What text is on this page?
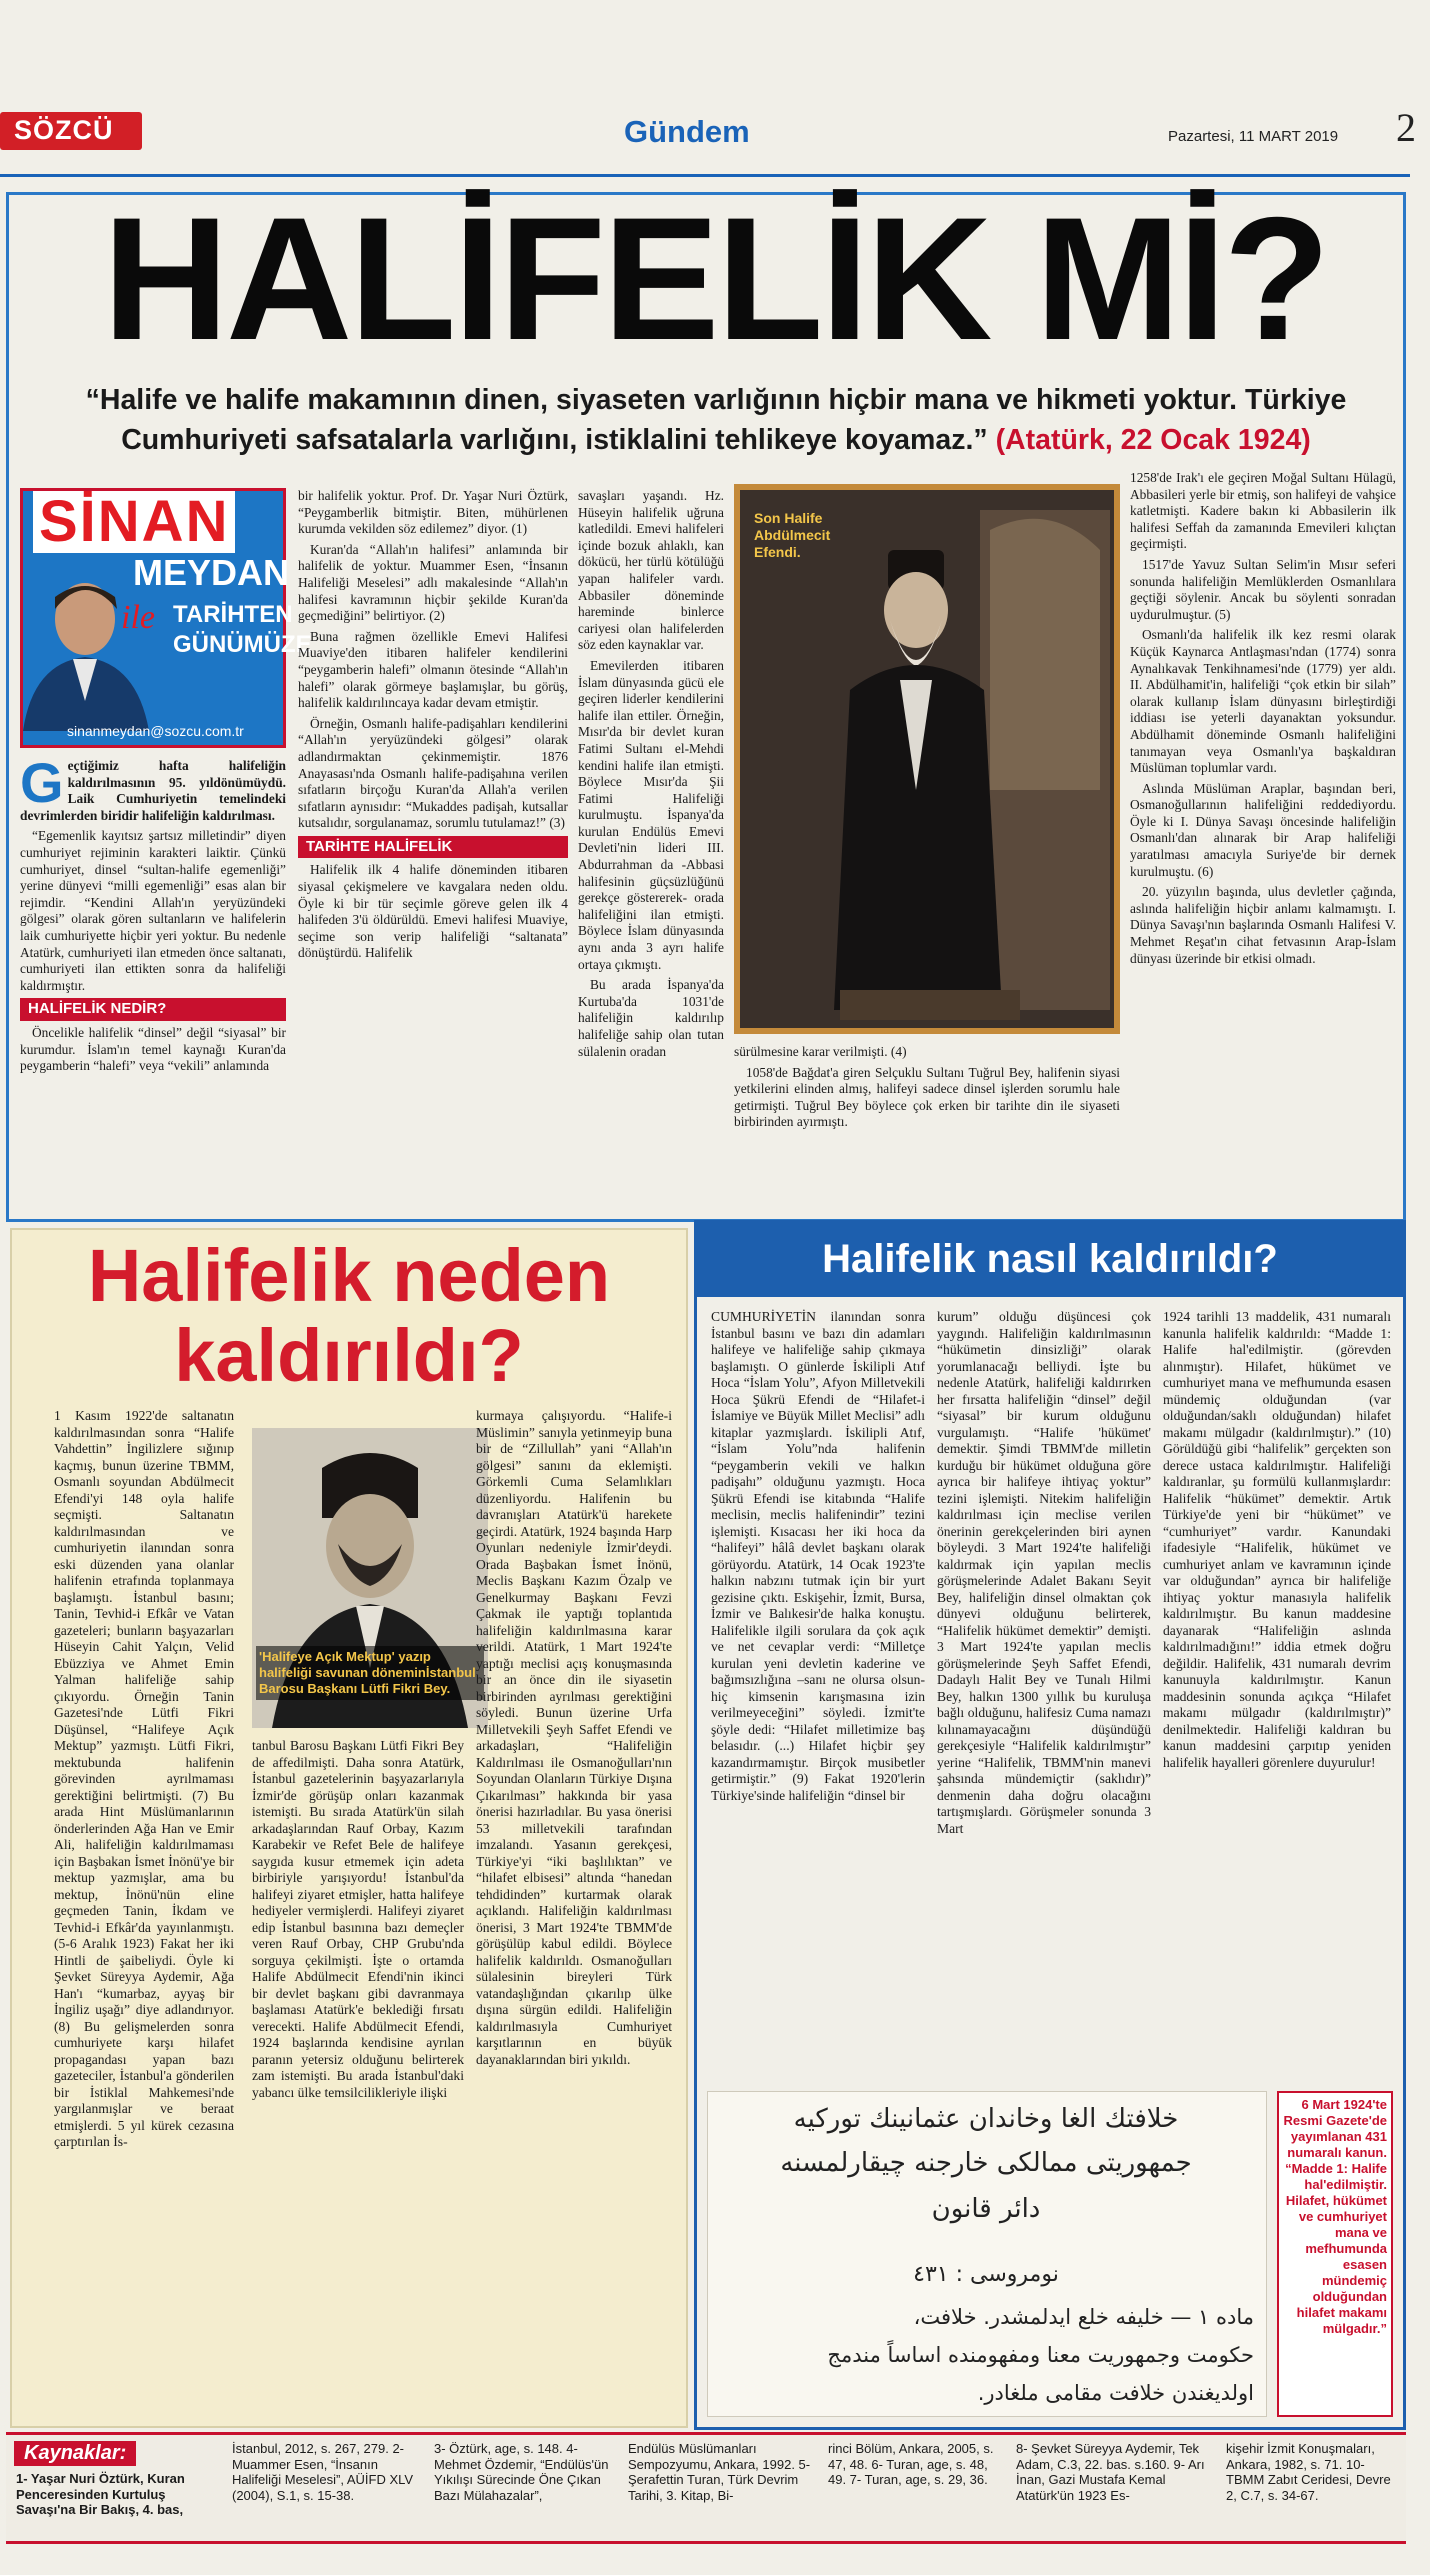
SÖZCÜ	Gündem	Pazartesi, 11 MART 2019 2
HALİFELİK Mİ?
“Halife ve halife makamının dinen, siyaseten varlığının hiçbir mana ve hikmeti yoktur. Türkiye Cumhuriyeti safsatalarla varlığını, istiklalini tehlikeye koyamaz.” (Atatürk, 22 Ocak 1924)
SİNAN
MEYDAN
ile TARİHTEN
GÜNÜMÜZE
sinanmeydan@sozcu.com.tr

Geçtiğimiz hafta halifeliğin kaldırılmasının 95. yıldönümüydü. Laik Cumhuriyetin temelindeki devrimlerden biridir halifeliğin kaldırılması.

“Egemenlik kayıtsız şartsız milletindir” diyen cumhuriyet rejiminin karakteri laiktir. Çünkü cumhuriyet, dinsel “sultan-halife egemenliği” yerine dünyevi “milli egemenliği” esas alan bir rejimdir. “Kendini Allah'ın yeryüzündeki gölgesi” olarak gören sultanların ve halifelerin laik cumhuriyette hiçbir yeri yoktur. Bu nedenle Atatürk, cumhuriyeti ilan etmeden önce saltanatı, cumhuriyeti ilan ettikten sonra da halifeliği kaldırmıştır.

HALİFELİK NEDİR?

Öncelikle halifelik “dinsel” değil “siyasal” bir kurumdur. İslam'ın temel kaynağı Kuran'da peygamberin “halefi” veya “vekili” anlamında

bir halifelik yoktur. Prof. Dr. Yaşar Nuri Öztürk, “Peygamberlik bitmiştir. Biten, mühürlenen kurumda vekilden söz edilemez” diyor. (1)

Kuran'da “Allah'ın halifesi” anlamında bir halifelik de yoktur. Muammer Esen, “İnsanın Halifeliği Meselesi” adlı makalesinde “Allah'ın halifesi kavramının hiçbir şekilde Kuran'da geçmediğini” belirtiyor. (2)

Buna rağmen özellikle Emevi Halifesi Muaviye'den itibaren halifeler kendilerini “peygamberin halefi” olmanın ötesinde “Allah'ın halefi” olarak görmeye başlamışlar, bu görüş, halifelik kaldırılıncaya kadar devam etmiştir.

Örneğin, Osmanlı halife-padişahları kendilerini “Allah'ın yeryüzündeki gölgesi” olarak adlandırmaktan çekinmemiştir. 1876 Anayasası'nda Osmanlı halife-padişahına verilen sıfatların birçoğu Kuran'da Allah'a verilen sıfatların aynısıdır: “Mukaddes padişah, kutsallar kutsalıdır, sorgulanamaz, sorumlu tutulamaz!” (3)

TARİHTE HALİFELİK

Halifelik ilk 4 halife döneminden itibaren siyasal çekişmelere ve kavgalara neden oldu. Öyle ki bir tür seçimle göreve gelen ilk 4 halifeden 3'ü öldürüldü. Emevi halifesi Muaviye, seçime son verip halifeliği “saltanata” dönüştürdü. Halifelik

savaşları yaşandı. Hz. Hüseyin halifelik uğruna katledildi. Emevi halifeleri içinde bozuk ahlaklı, kan dökücü, her türlü kötülüğü yapan halifeler vardı. Abbasiler döneminde hareminde binlerce cariyesi olan halifelerden söz eden kaynaklar var.

Emevilerden itibaren İslam dünyasında gücü ele geçiren liderler kendilerini halife ilan ettiler. Örneğin, Mısır'da bir devlet kuran Fatimi Sultanı el-Mehdi kendini halife ilan etmişti. Böylece Mısır'da Şii Fatimi Halifeliği kurulmuştu. İspanya'da kurulan Endülüs Emevi Devleti'nin lideri III. Abdurrahman da -Abbasi halifesinin güçsüzlüğünü gerekçe göstererek- orada halifeliğini ilan etmişti. Böylece İslam dünyasında aynı anda 3 ayrı halife ortaya çıkmıştı.

Bu arada İspanya'da Kurtuba'da 1031'de halifeliğin kaldırılıp halifeliğe sahip olan tutan sülalenin oradan

Son Halife Abdülmecit Efendi.

sürülmesine karar verilmişti. (4)

1058'de Bağdat'a giren Selçuklu Sultanı Tuğrul Bey, halifenin siyasi yetkilerini elinden almış, halifeyi sadece dinsel işlerden sorumlu hale getirmişti. Tuğrul Bey böylece çok erken bir tarihte din ile siyaseti birbirinden ayırmıştı.

1258'de Irak'ı ele geçiren Moğal Sultanı Hülagü, Abbasileri yerle bir etmiş, son halifeyi de vahşice katletmişti. Kadere bakın ki Abbasilerin ilk halifesi Seffah da zamanında Emevileri kılıçtan geçirmişti.

1517'de Yavuz Sultan Selim'in Mısır seferi sonunda halifeliğin Memlüklerden Osmanlılara geçtiği söylenir. Ancak bu söylenti sonradan uydurulmuştur. (5)

Osmanlı'da halifelik ilk kez resmi olarak Küçük Kaynarca Antlaşması'ndan (1774) sonra Aynalıkavak Tenkihnamesi'nde (1779) yer aldı. II. Abdülhamit'in, halifeliği “çok etkin bir silah” olarak kullanıp İslam dünyasını birleştirdiği iddiası ise yeterli dayanaktan yoksundur. Abdülhamit döneminde Osmanlı halifeliğini tanımayan veya Osmanlı'ya başkaldıran Müslüman toplumlar vardı.

Aslında Müslüman Araplar, başından beri, Osmanoğullarının halifeliğini reddediyordu. Öyle ki I. Dünya Savaşı öncesinde halifeliğin Osmanlı'dan alınarak bir Arap halifeliği yaratılması amacıyla Suriye'de bir dernek kurulmuştu. (6)

20. yüzyılın başında, ulus devletler çağında, aslında halifeliğin hiçbir anlamı kalmamıştı. I. Dünya Savaşı'nın başlarında Osmanlı Halifesi V. Mehmet Reşat'ın cihat fetvasının Arap-İslam dünyası üzerinde bir etkisi olmadı.

Halifelik neden
kaldırıldı?
1 Kasım 1922'de saltanatın kaldırılmasından sonra “Halife Vahdettin” İngilizlere sığınıp kaçmış, bunun üzerine TBMM, Osmanlı soyundan Abdülmecit Efendi'yi 148 oyla halife seçmişti. Saltanatın kaldırılmasından ve cumhuriyetin ilanından sonra eski düzenden yana olanlar halifenin etrafında toplanmaya başlamıştı. İstanbul basını; Tanin, Tevhid-i Efkâr ve Vatan gazeteleri; bunların başyazarları Hüseyin Cahit Yalçın, Velid Ebüzziya ve Ahmet Emin Yalman halifeliğe sahip çıkıyordu. Örneğin Tanin Gazetesi'nde Lütfi Fikri Düşünsel, “Halifeye Açık Mektup” yazmıştı. Lütfi Fikri, mektubunda halifenin görevinden ayrılmaması gerektiğini belirtmişti. (7) Bu arada Hint Müslümanlarının önderlerinden Ağa Han ve Emir Ali, halifeliğin kaldırılmaması için Başbakan İsmet İnönü'ye bir mektup yazmışlar, ama bu mektup, İnönü'nün eline geçmeden Tanin, İkdam ve Tevhid-i Efkâr'da yayınlanmıştı. (5-6 Aralık 1923) Fakat her iki Hintli de şaibeliydi. Öyle ki Şevket Süreyya Aydemir, Ağa Han'ı “kumarbaz, ayyaş bir İngiliz uşağı” diye adlandırıyor. (8) Bu gelişmelerden sonra cumhuriyete karşı hilafet propagandası yapan bazı gazeteciler, İstanbul'a gönderilen bir İstiklal Mahkemesi'nde yargılanmışlar ve beraat etmişlerdi. 5 yıl kürek cezasına çarptırılan İs-
'Halifeye Açık Mektup' yazıp halifeliği savunan döneminİstanbul Barosu Başkanı Lütfi Fikri Bey.
tanbul Barosu Başkanı Lütfi Fikri Bey de affedilmişti. Daha sonra Atatürk, İstanbul gazetelerinin başyazarlarıyla İzmir'de görüşüp onları kazanmak istemişti. Bu sırada Atatürk'ün silah arkadaşlarından Rauf Orbay, Kazım Karabekir ve Refet Bele de halifeye saygıda kusur etmemek için adeta birbiriyle yarışıyordu! İstanbul'da halifeyi ziyaret etmişler, hatta halifeye hediyeler vermişlerdi. Halifeyi ziyaret edip İstanbul basınına bazı demeçler veren Rauf Orbay, CHP Grubu'nda sorguya çekilmişti. İşte o ortamda Halife Abdülmecit Efendi'nin ikinci bir devlet başkanı gibi davranmaya başlaması Atatürk'e beklediği fırsatı verecekti. Halife Abdülmecit Efendi, 1924 başlarında kendisine ayrılan paranın yetersiz olduğunu belirterek zam istemişti. Bu arada İstanbul'daki yabancı ülke temsilcilikleriyle ilişki
kurmaya çalışıyordu. “Halife-i Müslimin” sanıyla yetinmeyip buna bir de “Zillullah” yani “Allah'ın gölgesi” sanını da eklemişti. Görkemli Cuma Selamlıkları düzenliyordu. Halifenin bu davranışları Atatürk'ü harekete geçirdi. Atatürk, 1924 başında Harp Oyunları nedeniyle İzmir'deydi. Orada Başbakan İsmet İnönü, Meclis Başkanı Kazım Özalp ve Genelkurmay Başkanı Fevzi Çakmak ile yaptığı toplantıda halifeliğin kaldırılmasına karar verildi. Atatürk, 1 Mart 1924'te yaptığı meclisi açış konuşmasında bir an önce din ile siyasetin birbirinden ayrılması gerektiğini söyledi. Bunun üzerine Urfa Milletvekili Şeyh Saffet Efendi ve arkadaşları, “Halifeliğin Kaldırılması ile Osmanoğulları'nın Soyundan Olanların Türkiye Dışına Çıkarılması” hakkında bir yasa önerisi hazırladılar. Bu yasa önerisi 53 milletvekili tarafından imzalandı. Yasanın gerekçesi, Türkiye'yi “iki başlılıktan” ve “hilafet elbisesi” altında “hanedan tehdidinden” kurtarmak olarak açıklandı. Halifeliğin kaldırılması önerisi, 3 Mart 1924'te TBMM'de görüşülüp kabul edildi. Böylece halifelik kaldırıldı. Osmanoğulları sülalesinin bireyleri Türk vatandaşlığından çıkarılıp ülke dışına sürgün edildi. Halifeliğin kaldırılmasıyla Cumhuriyet karşıtlarının en büyük dayanaklarından biri yıkıldı.
Halifelik nasıl kaldırıldı?
CUMHURİYETİN ilanından sonra İstanbul basını ve bazı din adamları halifeye ve halifeliğe sahip çıkmaya başlamıştı. O günlerde İskilipli Atıf Hoca “İslam Yolu”, Afyon Milletvekili Hoca Şükrü Efendi de “Hilafet-i İslamiye ve Büyük Millet Meclisi” adlı kitaplar yazmışlardı. İskilipli Atıf, “İslam Yolu”nda halifenin “peygamberin vekili ve halkın padişahı” olduğunu yazmıştı. Hoca Şükrü Efendi ise kitabında “Halife meclisin, meclis halifenindir” tezini işlemişti. Kısacası her iki hoca da “halifeyi” hâlâ devlet başkanı olarak görüyordu. Atatürk, 14 Ocak 1923'te halkın nabzını tutmak için bir yurt gezisine çıktı. Eskişehir, İzmit, Bursa, İzmir ve Balıkesir'de halka konuştu. Halifelikle ilgili sorulara da çok açık ve net cevaplar verdi: “Milletçe kurulan yeni devletin kaderine ve bağımsızlığına –sanı ne olursa olsun- hiç kimsenin karışmasına izin verilmeyeceğini” söyledi. İzmit'te şöyle dedi: “Hilafet milletimize baş belasıdır. (...) Hilafet hiçbir şey kazandırmamıştır. Birçok musibetler getirmiştir.” (9) Fakat 1920'lerin Türkiye'sinde halifeliğin “dinsel bir
kurum” olduğu düşüncesi çok yaygındı. Halifeliğin kaldırılmasının “hükümetin dinsizliği” olarak yorumlanacağı belliydi. İşte bu nedenle Atatürk, halifeliği kaldırırken her fırsatta halifeliğin “dinsel” değil “siyasal” bir kurum olduğunu vurgulamıştı. “Halife 'hükümet' demektir. Şimdi TBMM'de milletin kurduğu bir hükümet olduğuna göre ayrıca bir halifeye ihtiyaç yoktur” tezini işlemişti. Nitekim halifeliğin kaldırılması için meclise verilen önerinin gerekçelerinden biri aynen böyleydi. 3 Mart 1924'te halifeliği kaldırmak için yapılan meclis görüşmelerinde Adalet Bakanı Seyit Bey, halifeliğin dinsel olmaktan çok dünyevi olduğunu belirterek, “Halifelik hükümet demektir” demişti. 3 Mart 1924'te yapılan meclis görüşmelerinde Şeyh Saffet Efendi, Dadaylı Halit Bey ve Tunalı Hilmi Bey, halkın 1300 yıllık bu kuruluşa bağlı olduğunu, halifesiz Cuma namazı kılınamayacağını düşündüğü gerekçesiyle “Halifelik kaldırılmıştır” yerine “Halifelik, TBMM'nin manevi şahsında mündemiçtir (saklıdır)” denmenin daha doğru olacağını tartışmışlardı. Görüşmeler sonunda 3 Mart
1924 tarihli 13 maddelik, 431 numaralı kanunla halifelik kaldırıldı: “Madde 1: Halife hal'edilmiştir. (görevden alınmıştır). Hilafet, hükümet ve cumhuriyet mana ve mefhumunda esasen mündemiç olduğundan (var olduğundan/saklı olduğundan) hilafet makamı mülgadır (kaldırılmıştır).” (10) Görüldüğü gibi “halifelik” gerçekten son derece ustaca kaldırılmıştır. Halifeliği kaldıranlar, şu formülü kullanmışlardır: Halifelik “hükümet” demektir. Artık Türkiye'de yeni bir “hükümet” ve “cumhuriyet” vardır. Kanundaki ifadesiyle “Halifelik, hükümet ve cumhuriyet anlam ve kavramının içinde var olduğundan” ayrıca bir halifeliğe ihtiyaç yoktur manasıyla halifelik kaldırılmıştır. Bu kanun maddesine dayanarak “Halifeliğin aslında kaldırılmadığını!” iddia etmek doğru değildir. Halifelik, 431 numaralı devrim kanunuyla kaldırılmıştır. Kanun maddesinin sonunda açıkça “Hilafet makamı mülgadır (kaldırılmıştır)” denilmektedir. Halifeliği kaldıran bu kanun maddesini çarpıtıp yeniden halifelik hayalleri görenlere duyurulur!
خلافتك الغا وخاندان عثمانينك توركيه
جمهوريتى ممالكى خارجنه چيقارلمسنه
دائر قانون
نومروسى : ٤٣١
ماده ١ — خليفه خلع ايدلمشدر. خلافت،
حكومت وجمهوريت معنا ومفهومنده اساساً مندمج
اولديغندن خلافت مقامى ملغادر.
6 Mart 1924'te Resmi Gazete'de yayımlanan 431 numaralı kanun. “Madde 1: Halife hal'edilmiştir. Hilafet, hükümet ve cumhuriyet mana ve mefhumunda esasen mündemiç olduğundan hilafet makamı mülgadır.”
Kaynaklar:
1- Yaşar Nuri Öztürk, Kuran Penceresinden Kurtuluş Savaşı'na Bir Bakış, 4. bas,
İstanbul, 2012, s. 267, 279. 2- Muammer Esen, “İnsanın Halifeliği Meselesi”, AÜİFD XLV (2004), S.1, s. 15-38.
3- Öztürk, age, s. 148. 4- Mehmet Özdemir, “Endülüs'ün Yıkılışı Sürecinde Öne Çıkan Bazı Mülahazalar”,
Endülüs Müslümanları Sempozyumu, Ankara, 1992. 5- Şerafettin Turan, Türk Devrim Tarihi, 3. Kitap, Bi-
rinci Bölüm, Ankara, 2005, s. 47, 48. 6- Turan, age, s. 48, 49. 7- Turan, age, s. 29, 36.
8- Şevket Süreyya Aydemir, Tek Adam, C.3, 22. bas. s.160. 9- Arı İnan, Gazi Mustafa Kemal Atatürk'ün 1923 Es-
kişehir İzmit Konuşmaları, Ankara, 1982, s. 71. 10- TBMM Zabıt Ceridesi, Devre 2, C.7, s. 34-67.
